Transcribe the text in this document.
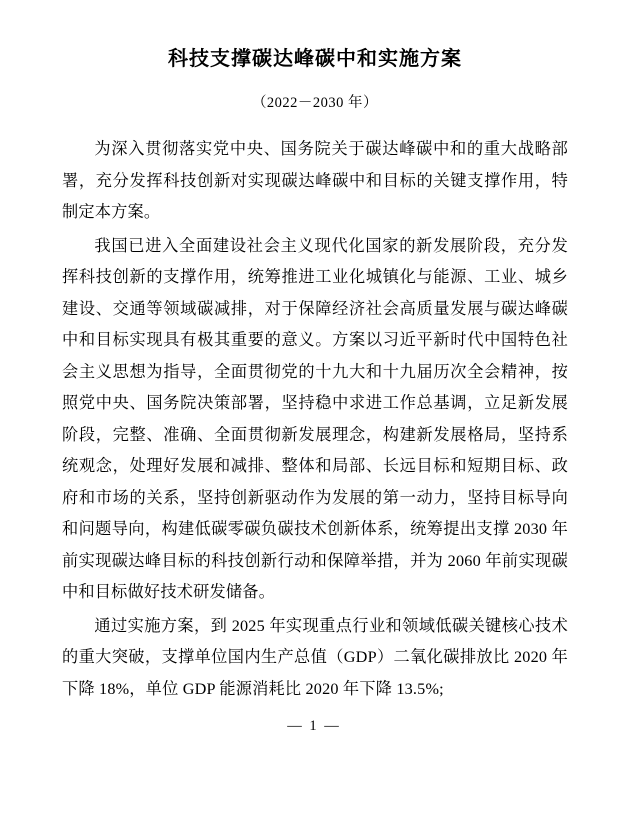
科技支撑碳达峰碳中和实施方案
（2022－2030 年）

为深入贯彻落实党中央、国务院关于碳达峰碳中和的重大战略部署，充分发挥科技创新对实现碳达峰碳中和目标的关键支撑作用，特制定本方案。

我国已进入全面建设社会主义现代化国家的新发展阶段，充分发挥科技创新的支撑作用，统筹推进工业化城镇化与能源、工业、城乡建设、交通等领域碳减排，对于保障经济社会高质量发展与碳达峰碳中和目标实现具有极其重要的意义。方案以习近平新时代中国特色社会主义思想为指导，全面贯彻党的十九大和十九届历次全会精神，按照党中央、国务院决策部署，坚持稳中求进工作总基调，立足新发展阶段，完整、准确、全面贯彻新发展理念，构建新发展格局，坚持系统观念，处理好发展和减排、整体和局部、长远目标和短期目标、政府和市场的关系，坚持创新驱动作为发展的第一动力，坚持目标导向和问题导向，构建低碳零碳负碳技术创新体系，统筹提出支撑 2030 年前实现碳达峰目标的科技创新行动和保障举措，并为 2060 年前实现碳中和目标做好技术研发储备。

通过实施方案，到 2025 年实现重点行业和领域低碳关键核心技术的重大突破，支撑单位国内生产总值（GDP）二氧化碳排放比 2020 年下降 18%，单位 GDP 能源消耗比 2020 年下降 13.5%;

— 1 —
